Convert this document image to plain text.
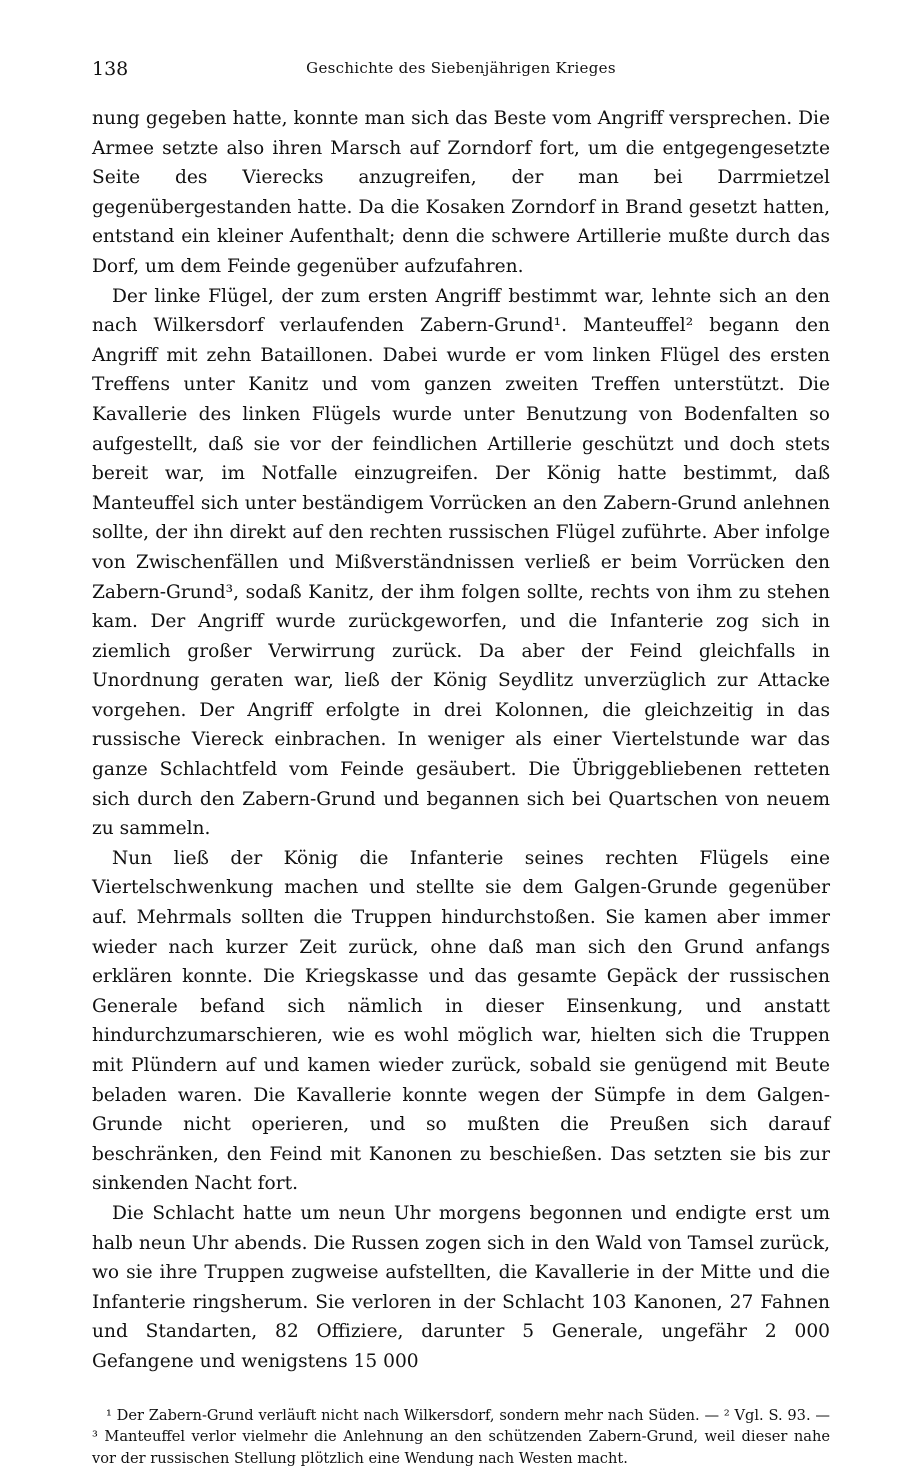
138	Geschichte des Siebenjährigen Krieges

nung gegeben hatte, konnte man sich das Beste vom Angriff versprechen. Die Armee setzte also ihren Marsch auf Zorndorf fort, um die entgegengesetzte Seite des Vierecks anzugreifen, der man bei Darrmietzel gegenübergestanden hatte. Da die Kosaken Zorndorf in Brand gesetzt hatten, entstand ein kleiner Aufenthalt; denn die schwere Artillerie mußte durch das Dorf, um dem Feinde gegenüber aufzufahren.

Der linke Flügel, der zum ersten Angriff bestimmt war, lehnte sich an den nach Wilkersdorf verlaufenden Zabern-Grund¹. Manteuffel² begann den Angriff mit zehn Bataillonen. Dabei wurde er vom linken Flügel des ersten Treffens unter Kanitz und vom ganzen zweiten Treffen unterstützt. Die Kavallerie des linken Flügels wurde unter Benutzung von Bodenfalten so aufgestellt, daß sie vor der feindlichen Artillerie geschützt und doch stets bereit war, im Notfalle einzugreifen. Der König hatte bestimmt, daß Manteuffel sich unter beständigem Vorrücken an den Zabern-Grund anlehnen sollte, der ihn direkt auf den rechten russischen Flügel zuführte. Aber infolge von Zwischenfällen und Mißverständnissen verließ er beim Vorrücken den Zabern-Grund³, sodaß Kanitz, der ihm folgen sollte, rechts von ihm zu stehen kam. Der Angriff wurde zurückgeworfen, und die Infanterie zog sich in ziemlich großer Verwirrung zurück. Da aber der Feind gleichfalls in Unordnung geraten war, ließ der König Seydlitz unverzüglich zur Attacke vorgehen. Der Angriff erfolgte in drei Kolonnen, die gleichzeitig in das russische Viereck einbrachen. In weniger als einer Viertelstunde war das ganze Schlachtfeld vom Feinde gesäubert. Die Übriggebliebenen retteten sich durch den Zabern-Grund und begannen sich bei Quartschen von neuem zu sammeln.

Nun ließ der König die Infanterie seines rechten Flügels eine Viertelschwenkung machen und stellte sie dem Galgen-Grunde gegenüber auf. Mehrmals sollten die Truppen hindurchstoßen. Sie kamen aber immer wieder nach kurzer Zeit zurück, ohne daß man sich den Grund anfangs erklären konnte. Die Kriegskasse und das gesamte Gepäck der russischen Generale befand sich nämlich in dieser Einsenkung, und anstatt hindurchzumarschieren, wie es wohl möglich war, hielten sich die Truppen mit Plündern auf und kamen wieder zurück, sobald sie genügend mit Beute beladen waren. Die Kavallerie konnte wegen der Sümpfe in dem Galgen-Grunde nicht operieren, und so mußten die Preußen sich darauf beschränken, den Feind mit Kanonen zu beschießen. Das setzten sie bis zur sinkenden Nacht fort.

Die Schlacht hatte um neun Uhr morgens begonnen und endigte erst um halb neun Uhr abends. Die Russen zogen sich in den Wald von Tamsel zurück, wo sie ihre Truppen zugweise aufstellten, die Kavallerie in der Mitte und die Infanterie ringsherum. Sie verloren in der Schlacht 103 Kanonen, 27 Fahnen und Standarten, 82 Offiziere, darunter 5 Generale, ungefähr 2 000 Gefangene und wenigstens 15 000

¹ Der Zabern-Grund verläuft nicht nach Wilkersdorf, sondern mehr nach Süden. — ² Vgl. S. 93. — ³ Manteuffel verlor vielmehr die Anlehnung an den schützenden Zabern-Grund, weil dieser nahe vor der russischen Stellung plötzlich eine Wendung nach Westen macht.
